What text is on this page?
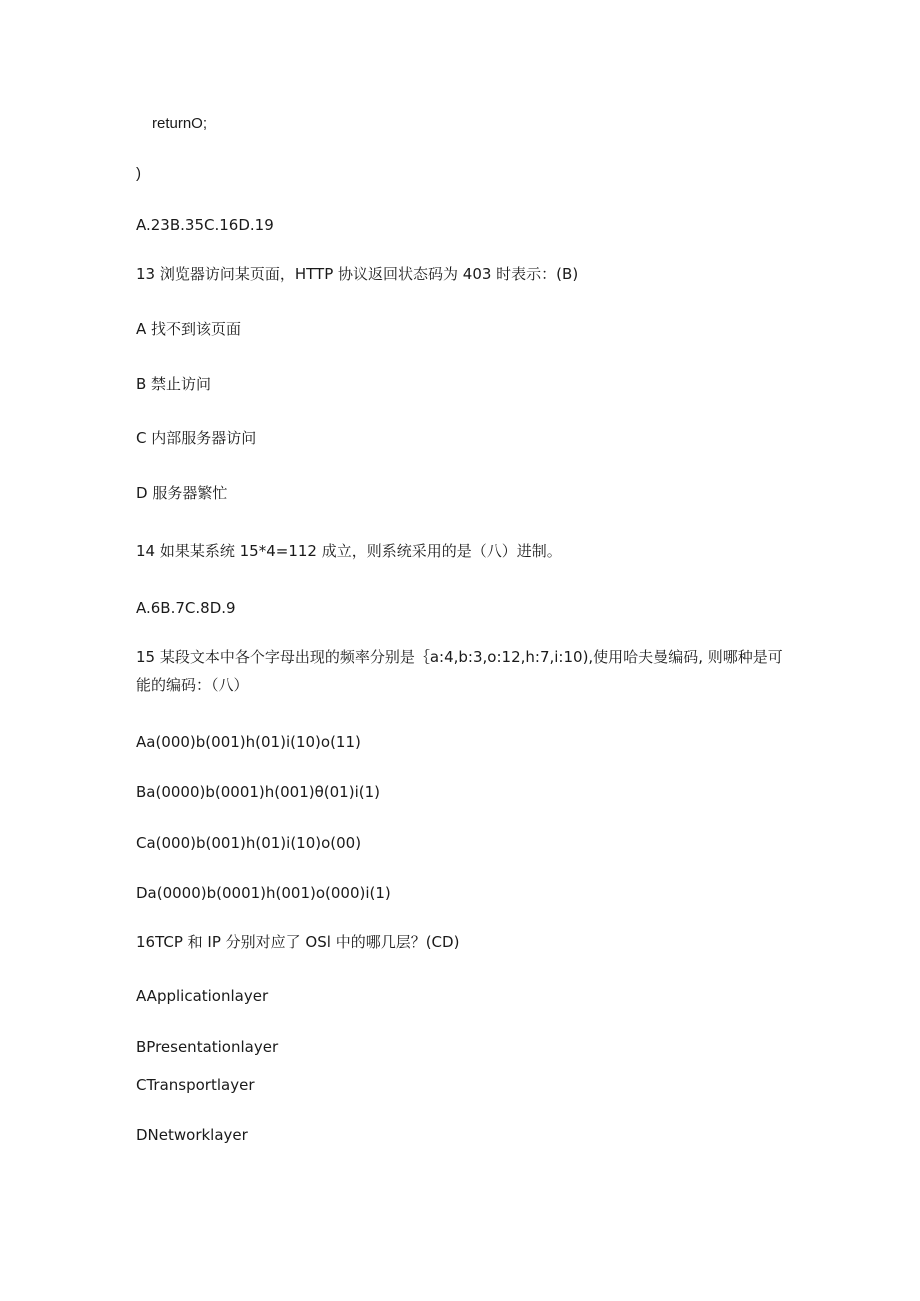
returnO;
)
A.23B.35C.16D.19
13 浏览器访问某页面，HTTP 协议返回状态码为 403 时表示：(B)
A 找不到该页面
B 禁止访问
C 内部服务器访问
D 服务器繁忙
14 如果某系统 15*4=112 成立，则系统采用的是（八）进制。
A.6B.7C.8D.9
15 某段文本中各个字母出现的频率分别是｛a:4,b:3,o:12,h:7,i:10),使用哈夫曼编码, 则哪种是可能的编码：（八）
Aa(000)b(001)h(01)i(10)o(11)
Ba(0000)b(0001)h(001)θ(01)i(1)
Ca(000)b(001)h(01)i(10)o(00)
Da(0000)b(0001)h(001)o(000)i(1)
16TCP 和 IP 分别对应了 OSl 中的哪几层？(CD)
AApplicationlayer
BPresentationlayer
CTransportlayer
DNetworklayer
